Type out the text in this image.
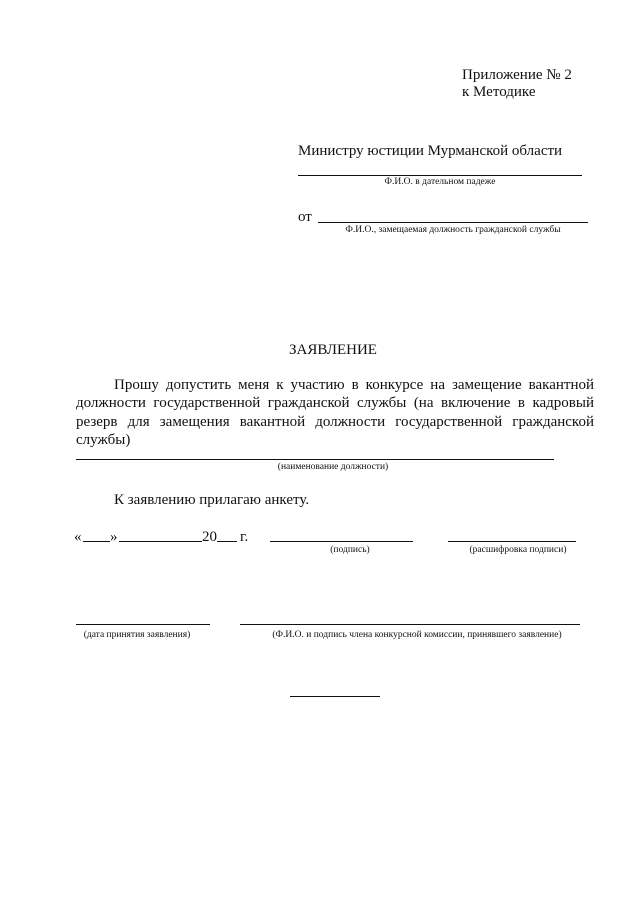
Приложение № 2
к Методике
Министру юстиции Мурманской области
Ф.И.О. в дательном падеже
от
Ф.И.О., замещаемая должность гражданской службы
ЗАЯВЛЕНИЕ
Прошу допустить меня к участию в конкурсе на замещение вакантной должности государственной гражданской службы (на включение в кадровый резерв для замещения вакантной должности государственной гражданской службы)
(наименование должности)
К заявлению прилагаю анкету.
« »	20 г.
(подпись)	(расшифровка подписи)
(дата принятия заявления)	(Ф.И.О. и подпись члена конкурсной комиссии, принявшего заявление)
